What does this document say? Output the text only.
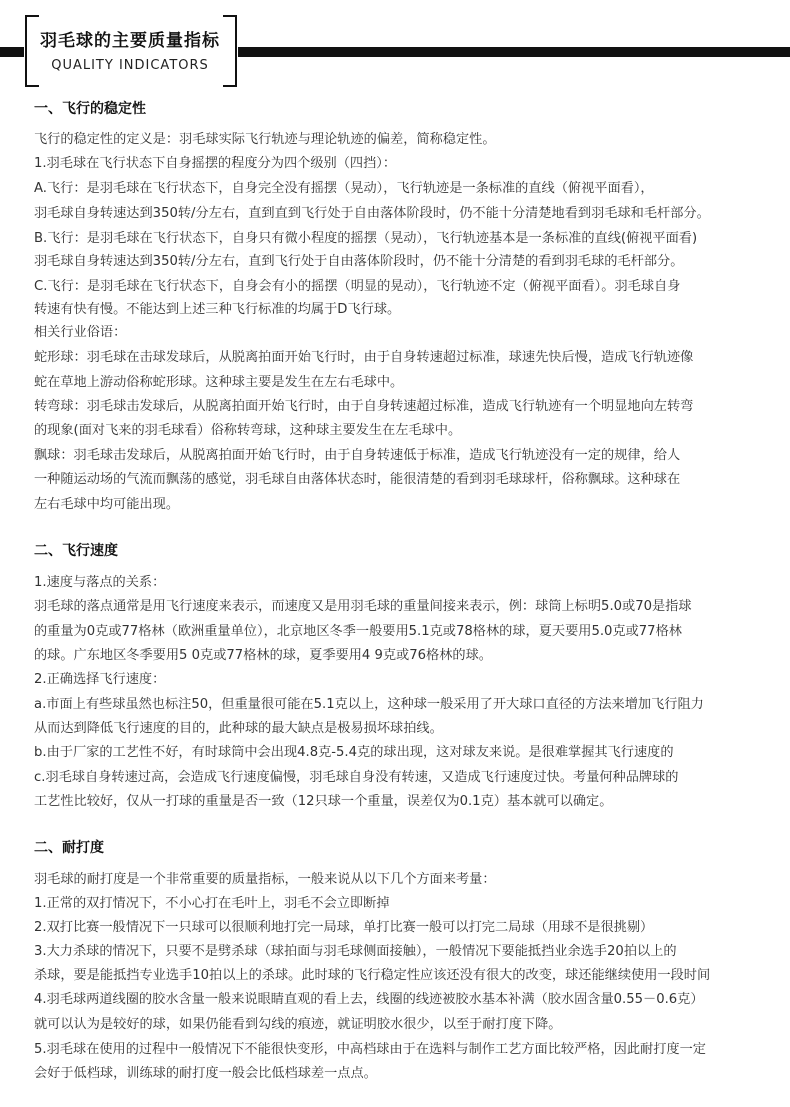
羽毛球的主要质量指标
QUALITY INDICATORS
一、飞行的稳定性
飞行的稳定性的定义是：羽毛球实际飞行轨迹与理论轨迹的偏差，简称稳定性。
1.羽毛球在飞行状态下自身摇摆的程度分为四个级别（四挡）：
A.飞行：是羽毛球在飞行状态下，自身完全没有摇摆（晃动），飞行轨迹是一条标准的直线（俯视平面看），
羽毛球自身转速达到350转/分左右，直到直到飞行处于自由落体阶段时，仍不能十分清楚地看到羽毛球和毛杆部分。
B.飞行：是羽毛球在飞行状态下，自身只有微小程度的摇摆（晃动），飞行轨迹基本是一条标准的直线(俯视平面看)
羽毛球自身转速达到350转/分左右，直到飞行处于自由落体阶段时，仍不能十分清楚的看到羽毛球的毛杆部分。
C.飞行：是羽毛球在飞行状态下，自身会有小的摇摆（明显的晃动），飞行轨迹不定（俯视平面看）。羽毛球自身
转速有快有慢。不能达到上述三种飞行标准的均属于D飞行球。
相关行业俗语：
蛇形球：羽毛球在击球发球后，从脱离拍面开始飞行时，由于自身转速超过标准，球速先快后慢，造成飞行轨迹像
蛇在草地上游动俗称蛇形球。这种球主要是发生在左右毛球中。
转弯球：羽毛球击发球后，从脱离拍面开始飞行时，由于自身转速超过标准，造成飞行轨迹有一个明显地向左转弯
的现象(面对飞来的羽毛球看）俗称转弯球，这种球主要发生在左毛球中。
飘球：羽毛球击发球后，从脱离拍面开始飞行时，由于自身转速低于标准，造成飞行轨迹没有一定的规律，给人
一种随运动场的气流而飘荡的感觉，羽毛球自由落体状态时，能很清楚的看到羽毛球球杆，俗称飘球。这种球在
左右毛球中均可能出现。
二、飞行速度
1.速度与落点的关系：
羽毛球的落点通常是用飞行速度来表示，而速度又是用羽毛球的重量间接来表示，例：球筒上标明5.0或70是指球
的重量为0克或77格林（欧洲重量单位），北京地区冬季一般要用5.1克或78格林的球，夏天要用5.0克或77格林
的球。广东地区冬季要用5 0克或77格林的球，夏季要用4 9克或76格林的球。
2.正确选择飞行速度：
a.市面上有些球虽然也标注50，但重量很可能在5.1克以上，这种球一般采用了开大球口直径的方法来增加飞行阻力
从而达到降低飞行速度的目的，此种球的最大缺点是极易损坏球拍线。
b.由于厂家的工艺性不好，有时球筒中会出现4.8克-5.4克的球出现，这对球友来说。是很难掌握其飞行速度的
c.羽毛球自身转速过高，会造成飞行速度偏慢，羽毛球自身没有转速，又造成飞行速度过快。考量何种品牌球的
工艺性比较好，仅从一打球的重量是否一致（12只球一个重量，误差仅为0.1克）基本就可以确定。
二、耐打度
羽毛球的耐打度是一个非常重要的质量指标，一般来说从以下几个方面来考量：
1.正常的双打情况下，不小心打在毛叶上，羽毛不会立即断掉
2.双打比赛一般情况下一只球可以很顺利地打完一局球，单打比赛一般可以打完二局球（用球不是很挑剔）
3.大力杀球的情况下，只要不是劈杀球（球拍面与羽毛球侧面接触），一般情况下要能抵挡业余选手20拍以上的
杀球，要是能抵挡专业选手10拍以上的杀球。此时球的飞行稳定性应该还没有很大的改变，球还能继续使用一段时间
4.羽毛球两道线圈的胶水含量一般来说眼睛直观的看上去，线圈的线迹被胶水基本补满（胶水固含量0.55－0.6克）
就可以认为是较好的球，如果仍能看到勾线的痕迹，就证明胶水很少，以至于耐打度下降。
5.羽毛球在使用的过程中一般情况下不能很快变形，中高档球由于在选料与制作工艺方面比较严格，因此耐打度一定
会好于低档球，训练球的耐打度一般会比低档球差一点点。
